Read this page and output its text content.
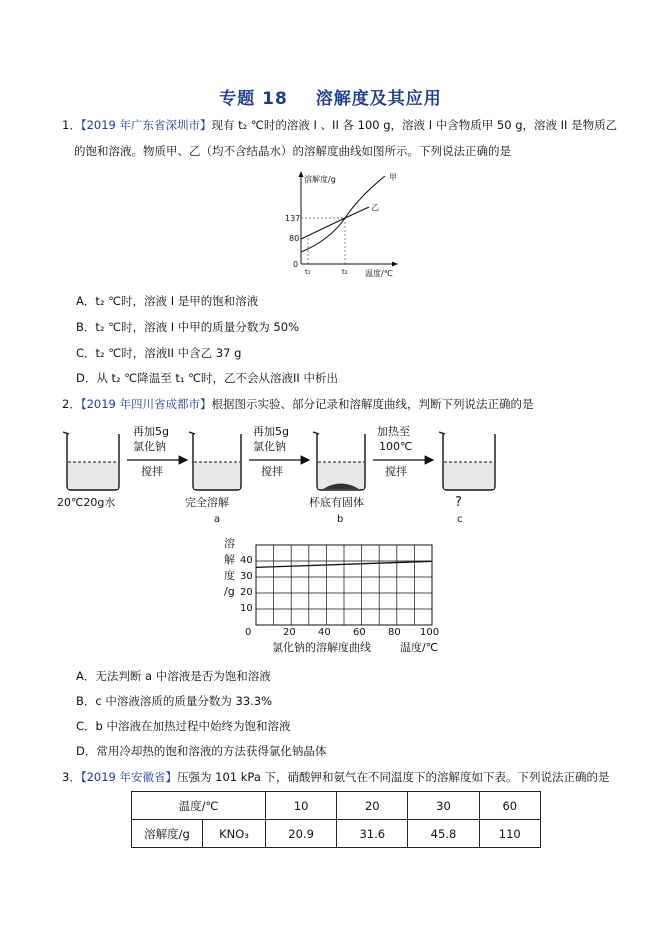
专题 18 溶解度及其应用
1．【2019 年广东省深圳市】现有 t₂ ℃时的溶液 I 、II 各 100 g，溶液 I 中含物质甲 50 g，溶液 II 是物质乙
的饱和溶液。物质甲、乙（均不含结晶水）的溶解度曲线如图所示。下列说法正确的是
溶解度/g	甲
乙
137
80
0
t₁	t₂ 温度/℃
A．t₂ ℃时，溶液 I 是甲的饱和溶液
B．t₂ ℃时，溶液 I 中甲的质量分数为 50%
C．t₂ ℃时，溶液II 中含乙 37 g
D．从 t₂ ℃降温至 t₁ ℃时，乙不会从溶液II 中析出
2．【2019 年四川省成都市】根据图示实验、部分记录和溶解度曲线，判断下列说法正确的是
再加5g
氯化钠
搅拌
再加5g
氯化钠
搅拌
加热至
100℃
搅拌
20℃20g水	完全溶解
a
杯底有固体
b
?
c
溶
解
度
/g
40
30
20
10
0	20 40 60 80 100
氯化钠的溶解度曲线	温度/℃
A．无法判断 a 中溶液是否为饱和溶液
B．c 中溶液溶质的质量分数为 33.3%
C．b 中溶液在加热过程中始终为饱和溶液
D．常用冷却热的饱和溶液的方法获得氯化钠晶体
3．【2019 年安徽省】压强为 101 kPa 下，硝酸钾和氨气在不同温度下的溶解度如下表。下列说法正确的是
温度/℃		10	20	30	60
溶解度/g	KNO₃	20.9	31.6	45.8	110
